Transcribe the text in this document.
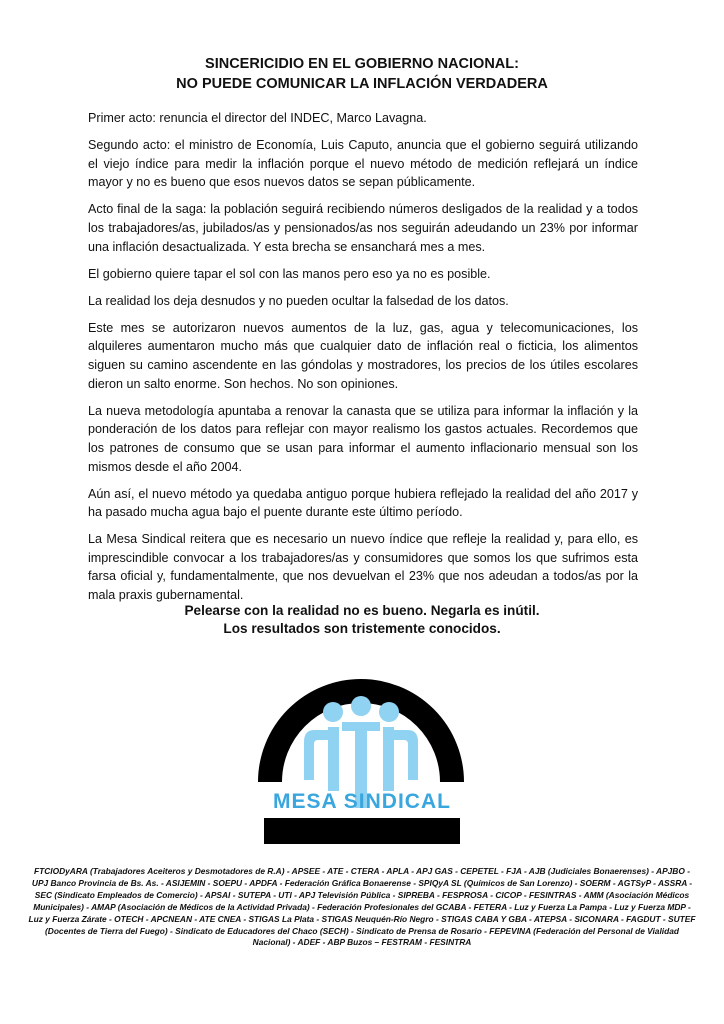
SINCERICIDIO EN EL GOBIERNO NACIONAL:
NO PUEDE COMUNICAR LA INFLACIÓN VERDADERA

Primer acto: renuncia el director del INDEC, Marco Lavagna.

Segundo acto: el ministro de Economía, Luis Caputo, anuncia que el gobierno seguirá utilizando el viejo índice para medir la inflación porque el nuevo método de medición reflejará un índice mayor y no es bueno que esos nuevos datos se sepan públicamente.

Acto final de la saga: la población seguirá recibiendo números desligados de la realidad y a todos los trabajadores/as, jubilados/as y pensionados/as nos seguirán adeudando un 23% por informar una inflación desactualizada. Y esta brecha se ensanchará mes a mes.

El gobierno quiere tapar el sol con las manos pero eso ya no es posible.

La realidad los deja desnudos y no pueden ocultar la falsedad de los datos.

Este mes se autorizaron nuevos aumentos de la luz, gas, agua y telecomunicaciones, los alquileres aumentaron mucho más que cualquier dato de inflación real o ficticia, los alimentos siguen su camino ascendente en las góndolas y mostradores, los precios de los útiles escolares dieron un salto enorme. Son hechos. No son opiniones.

La nueva metodología apuntaba a renovar la canasta que se utiliza para informar la inflación y la ponderación de los datos para reflejar con mayor realismo los gastos actuales. Recordemos que los patrones de consumo que se usan para informar el aumento inflacionario mensual son los mismos desde el año 2004.

Aún así, el nuevo método ya quedaba antiguo porque hubiera reflejado la realidad del año 2017 y ha pasado mucha agua bajo el puente durante este último período.

La Mesa Sindical reitera que es necesario un nuevo índice que refleje la realidad y, para ello, es imprescindible convocar a los trabajadores/as y consumidores que somos los que sufrimos esta farsa oficial y, fundamentalmente, que nos devuelvan el 23% que nos adeudan a todos/as por la mala praxis gubernamental.

Pelearse con la realidad no es bueno. Negarla es inútil.
Los resultados son tristemente conocidos.
MESA SINDICAL
FTCIODyARA (Trabajadores Aceiteros y Desmotadores de R.A) - APSEE - ATE - CTERA - APLA - APJ GAS - CEPETEL - FJA - AJB (Judiciales Bonaerenses) - APJBO - UPJ Banco Provincia de Bs. As. - ASIJEMIN - SOEPU - APDFA - Federación Gráfica Bonaerense - SPIQyA SL (Químicos de San Lorenzo) - SOERM - AGTSyP - ASSRA - SEC (Sindicato Empleados de Comercio) - APSAI - SUTEPA - UTI - APJ Televisión Pública - SIPREBA - FESPROSA - CICOP - FESINTRAS - AMM (Asociación Médicos Municipales) - AMAP (Asociación de Médicos de la Actividad Privada) - Federación Profesionales del GCABA - FETERA - Luz y Fuerza La Pampa - Luz y Fuerza MDP - Luz y Fuerza Zárate - OTECH - APCNEAN - ATE CNEA - STIGAS La Plata - STIGAS Neuquén-Río Negro - STIGAS CABA Y GBA - ATEPSA - SICONARA - FAGDUT - SUTEF (Docentes de Tierra del Fuego) - Sindicato de Educadores del Chaco (SECH) - Sindicato de Prensa de Rosario - FEPEVINA (Federación del Personal de Vialidad Nacional) - ADEF - ABP Buzos – FESTRAM - FESINTRA
